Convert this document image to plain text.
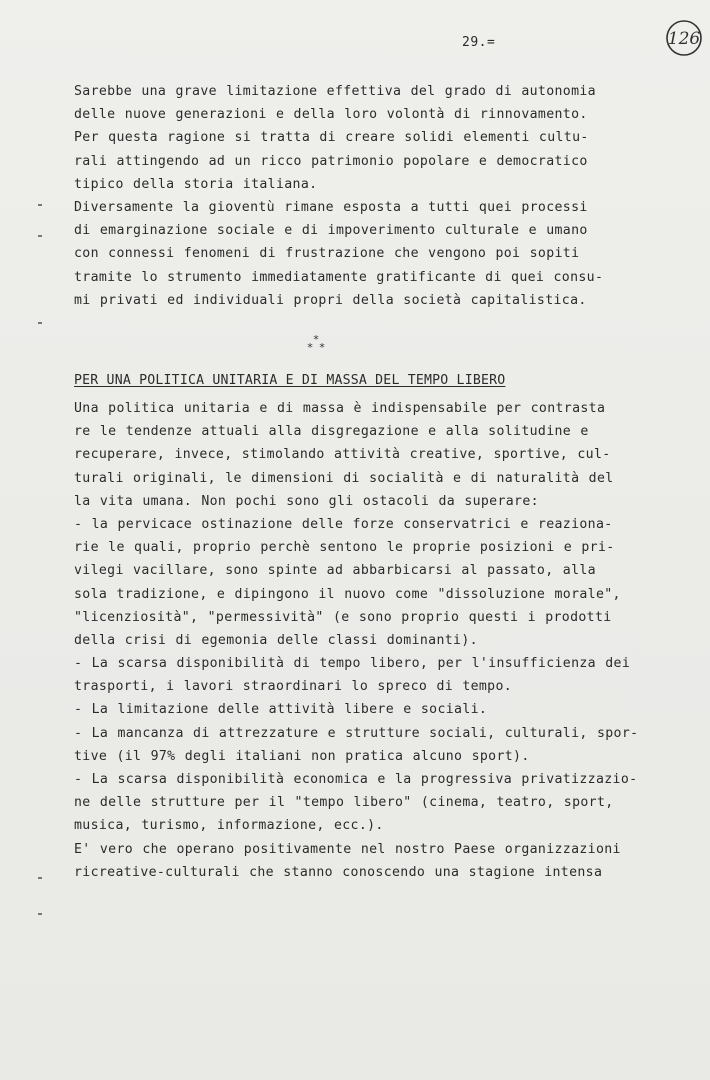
29.=	126
Sarebbe una grave limitazione effettiva del grado di autonomia
delle nuove generazioni e della loro volontà di rinnovamento.
Per questa ragione si tratta di creare solidi elementi cultu-
rali attingendo ad un ricco patrimonio popolare e democratico
tipico della storia italiana.
Diversamente la gioventù rimane esposta a tutti quei processi
di emarginazione sociale e di impoverimento culturale e umano
con connessi fenomeni di frustrazione che vengono poi sopiti
tramite lo strumento immediatamente gratificante di quei consu-
mi privati ed individuali propri della società capitalistica.
*
* *
PER UNA POLITICA UNITARIA E DI MASSA DEL TEMPO LIBERO
Una politica unitaria e di massa è indispensabile per contrasta
re le tendenze attuali alla disgregazione e alla solitudine e
recuperare, invece, stimolando attività creative, sportive, cul-
turali originali, le dimensioni di socialità e di naturalità del
la vita umana. Non pochi sono gli ostacoli da superare:
- la pervicace ostinazione delle forze conservatrici e reaziona-
rie le quali, proprio perchè sentono le proprie posizioni e pri-
vilegi vacillare, sono spinte ad abbarbicarsi al passato, alla
sola tradizione, e dipingono il nuovo come "dissoluzione morale",
"licenziosità", "permessività" (e sono proprio questi i prodotti
della crisi di egemonia delle classi dominanti).
- La scarsa disponibilità di tempo libero, per l'insufficienza dei
trasporti, i lavori straordinari lo spreco di tempo.
- La limitazione delle attività libere e sociali.
- La mancanza di attrezzature e strutture sociali, culturali, spor-
tive (il 97% degli italiani non pratica alcuno sport).
- La scarsa disponibilità economica e la progressiva privatizzazio-
ne delle strutture per il "tempo libero" (cinema, teatro, sport,
musica, turismo, informazione, ecc.).
E' vero che operano positivamente nel nostro Paese organizzazioni
ricreative-culturali che stanno conoscendo una stagione intensa
